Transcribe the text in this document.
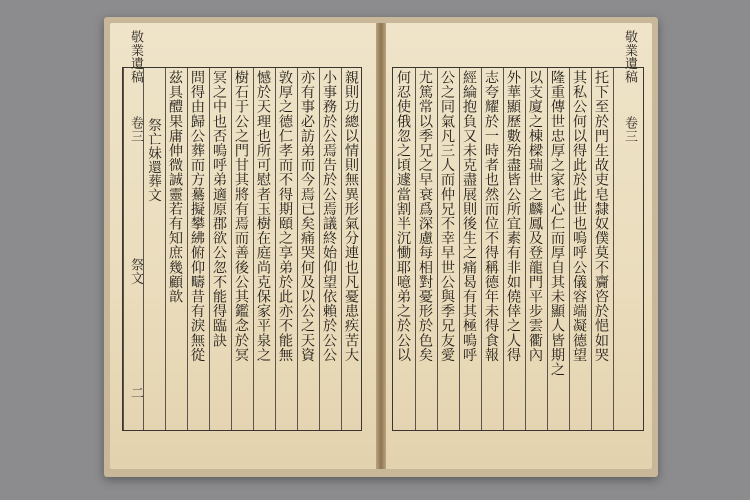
敬業遺稿
卷三
祭文
二
祭亡妹還葬文 茲具醴果庸伸微誠靈若有知庶幾顧歆 問得由歸公葬而方驀擬攀紼俯仰疇昔有淚無從 冥之中也否嗚呼弟適原郡欲公忽不能得臨訣 樹石于公之門甘其將有焉而善後公其鑑念於冥 憾於天理也所可慰者玉樹在庭尚克保家平泉之 敦厚之德仁孝而不得期頤之享弟於此亦不能無 亦有事必訪弟而今焉已矣痛哭何及以公之天資 小事務於公焉告於公焉議終始仰望依賴於公公 親則功總以情則無異形氣分連也凡憂患疾苦大	何忍使俄忽之頃遽當割半沉慟耶噫弟之於公以 尤篤常以季兄之早衰爲深慮每相對憂形於色矣 公之同氣凡三人而仲兄不幸早世公與季兄友愛 經綸抱負又未克盡展則後生之痛曷有其極嗚呼 志夸耀於一時者也然而位不得稱德年未得食報 外華顯歷數殆盡皆公所宜素有非如僥倖之人得 以支廈之棟樑瑞世之麟鳳及登龍門平步雲衢內 隆重傳世忠厚之家宅心仁而厚自其未顯人皆期之 其私公何以得此於此世也嗚呼公儀容端凝德望 托下至於門生故吏皂隸奴僕莫不齎咨於悒如哭
敬業遺稿
卷三
